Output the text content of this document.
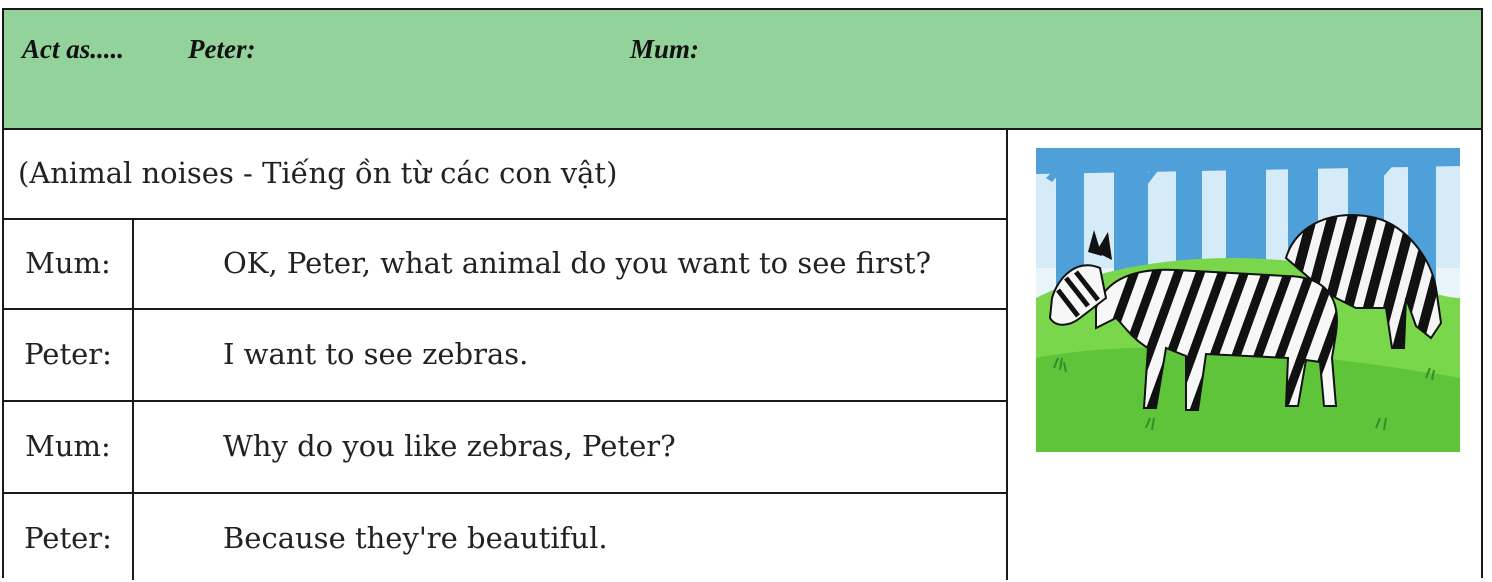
Act as..... Peter:	Mum:
(Animal noises - Tiếng ồn từ các con vật)
Mum:	OK, Peter, what animal do you want to see first?
Peter:	I want to see zebras.
Mum:	Why do you like zebras, Peter?
Peter:	Because they're beautiful.
